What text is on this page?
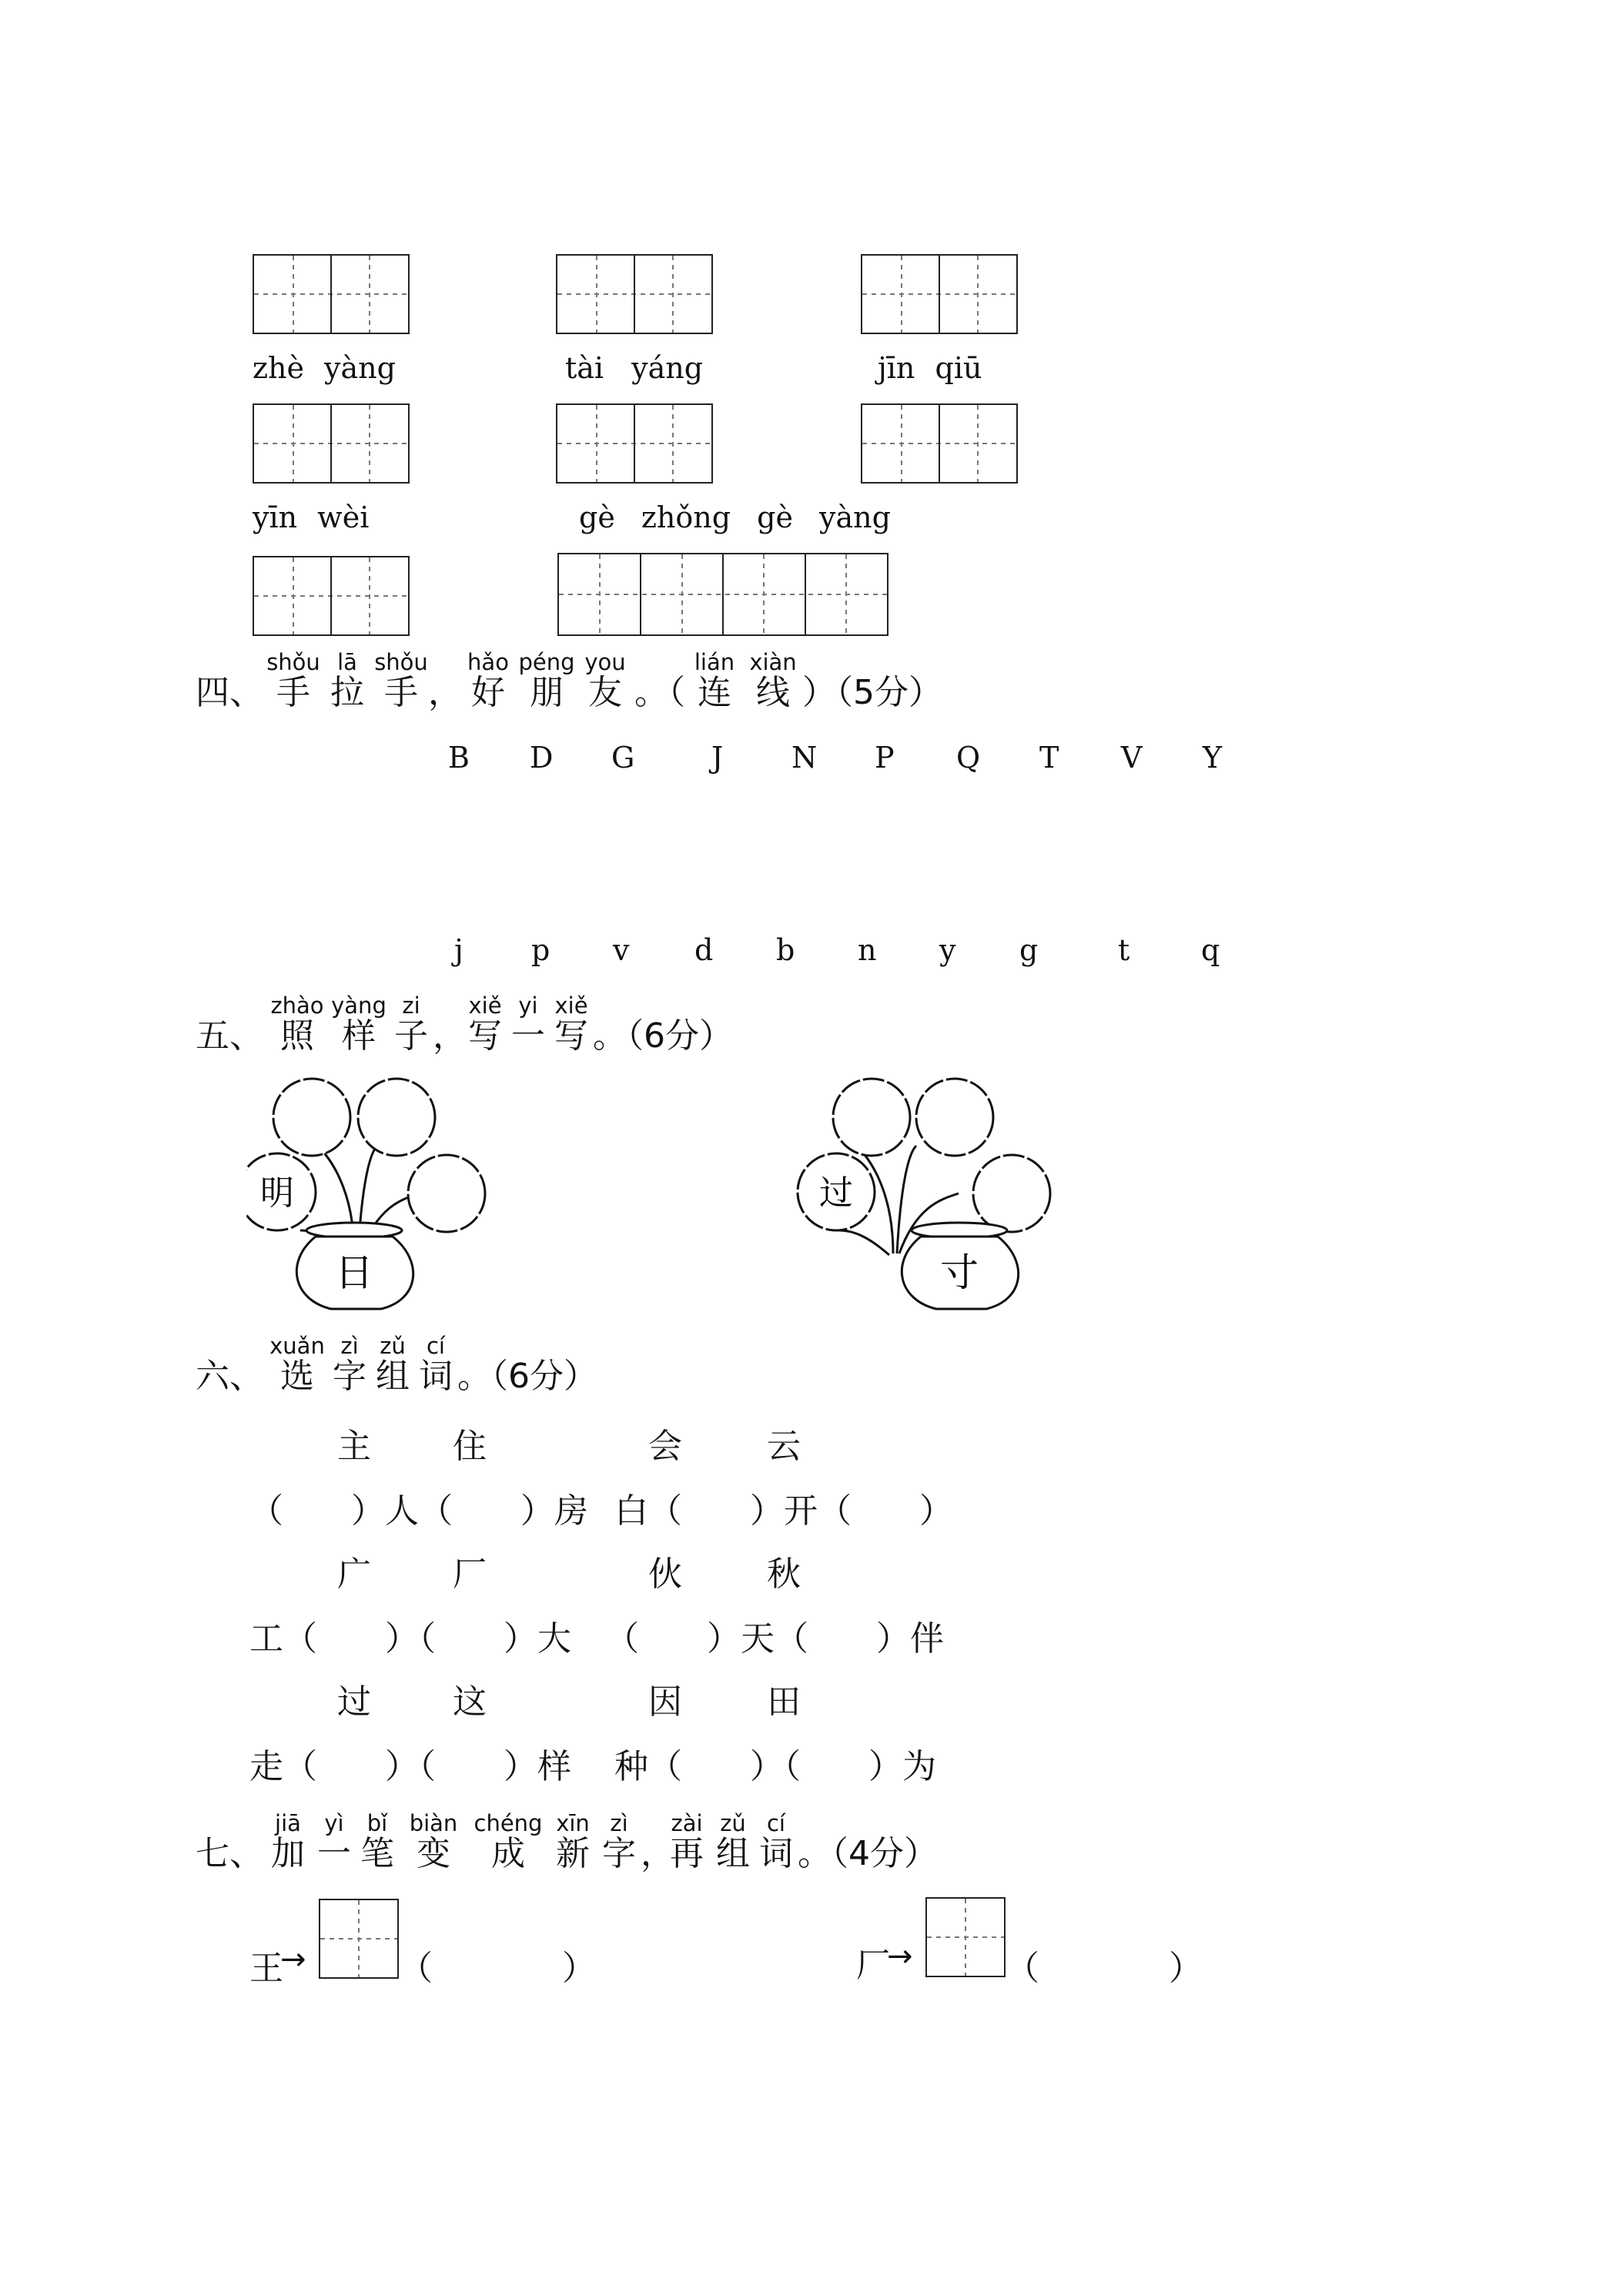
zhè yàng	tài yáng	jīn qiū
yīn wèi	gè zhǒng gè yàng
四、
shǒu
手
lā
拉
shǒu
手 ，
hǎo
好
péng
朋
you
友 。（
lián
连
xiàn
线 ）（5分）
B D G	J N P Q T V Y
j p v d b n y g	t q
五、
zhào
照
yàng
样
zi
子 ，
xiě
写
yi
一
xiě
写 。（6分）
明
日
过
寸
六、
xuǎn
选
zì
字
zǔ
组
cí
词 。（6分）
主 住	会	云
（　　）人（　　）房 白（　　）开（　　）
广 厂	伙	秋
工（　　）（　　）大 （　　）天（　　）伴
过 这	因	田
走（　　）（　　）样 种（　　）（　　）为
七、
jiā
加
yì
一
bǐ
笔
biàn
变
chéng
成
xīn
新
zì
字 ，
zài
再
zǔ
组
cí
词 。（4分）
王
→	（	）	厂
→	（	）
